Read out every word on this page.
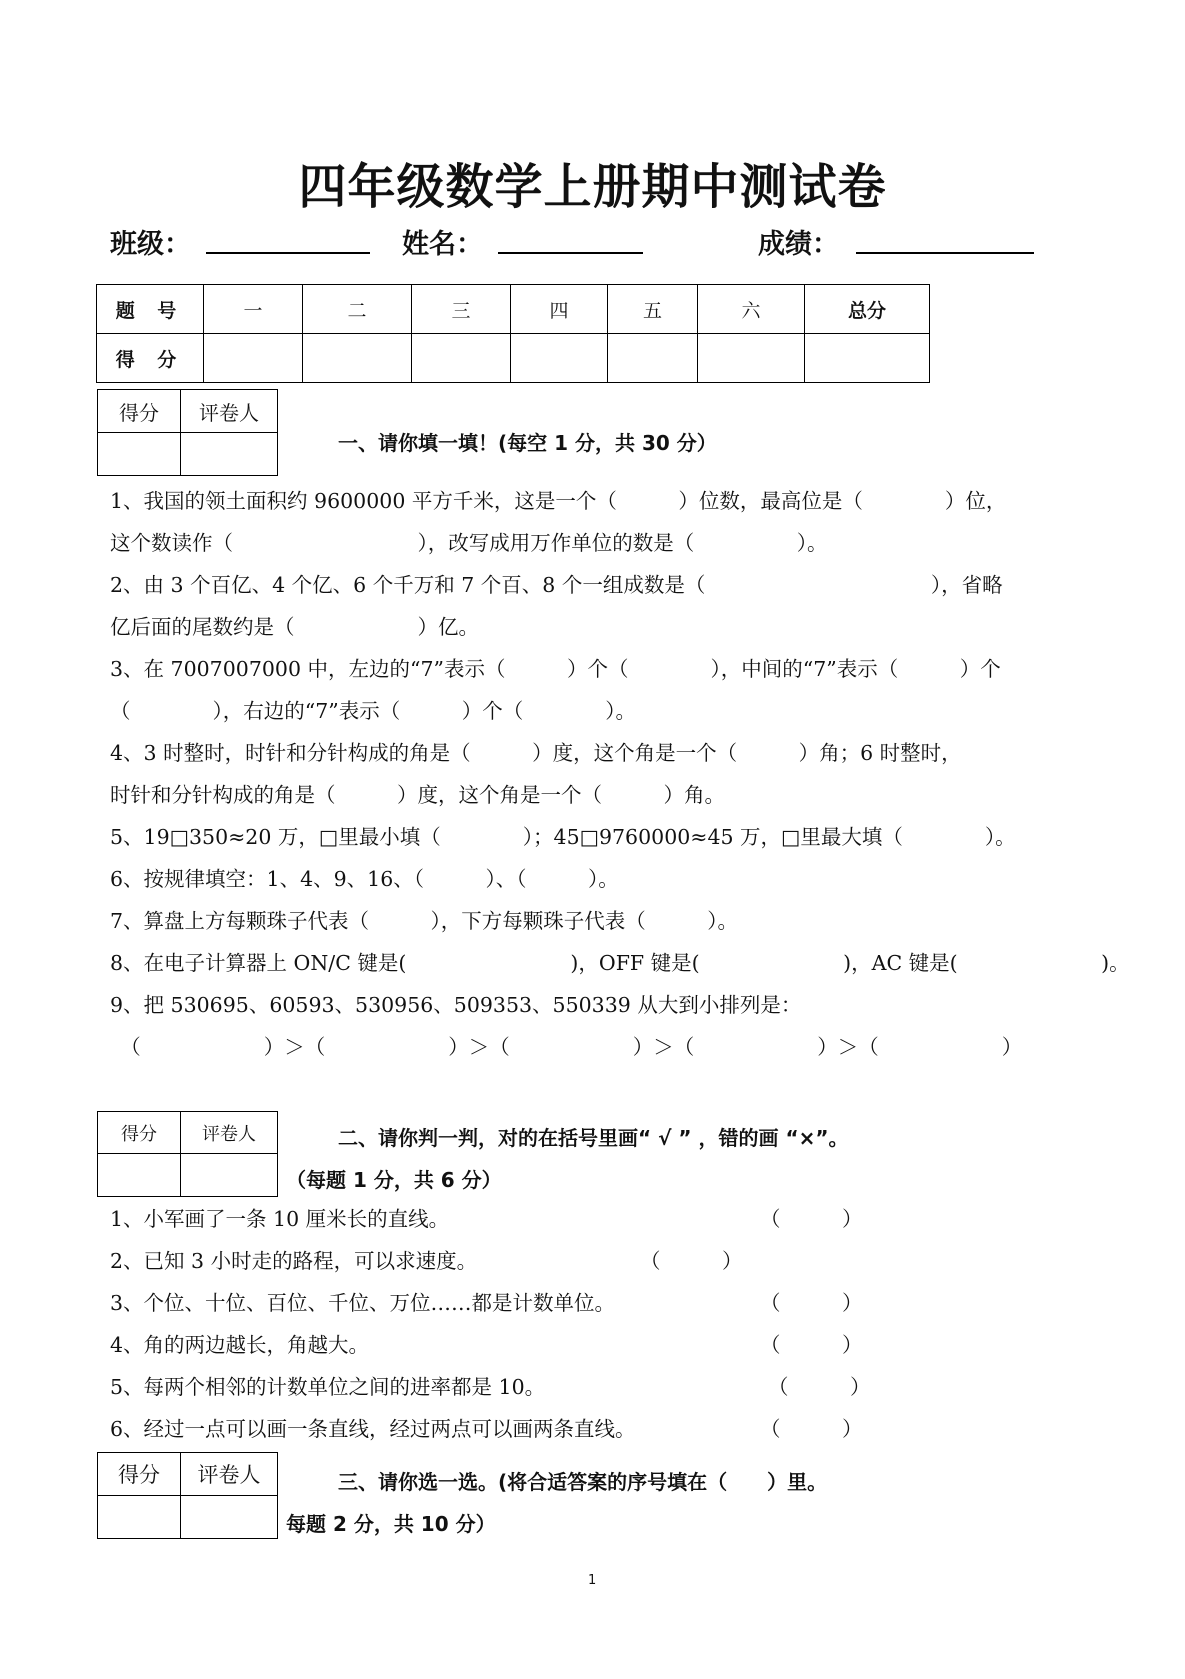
四年级数学上册期中测试卷
班级：	姓名：	成绩：
题 号	一	二	三	四	五	六	总分
得 分							
得分	评卷人

一、请你填一填！(每空 1 分，共 30 分）
1、我国的领土面积约 9600000 平方千米，这是一个（　　　）位数，最高位是（　　　　）位，
这个数读作（　　　　　　　　　），改写成用万作单位的数是（　　　　　）。
2、由 3 个百亿、4 个亿、6 个千万和 7 个百、8 个一组成数是（　　　　　　　　　　　），省略
亿后面的尾数约是（　　　　　　）亿。
3、在 7007007000 中，左边的“7”表示（　　　）个（　　　　），中间的“7”表示（　　　）个
（　　　　），右边的“7”表示（　　　）个（　　　　）。
4、3 时整时，时针和分针构成的角是（　　　）度，这个角是一个（　　　）角；6 时整时，
时针和分针构成的角是（　　　）度，这个角是一个（　　　）角。
5、19□350≈20 万，□里最小填（　　　　）；45□9760000≈45 万，□里最大填（　　　　）。
6、按规律填空：1、4、9、16、（　　　）、（　　　）。
7、算盘上方每颗珠子代表（　　　），下方每颗珠子代表（　　　）。
8、在电子计算器上 ON/C 键是(　　　　　　　　)，OFF 键是(　　　　　　　)，AC 键是(　　　　　　　)。
9、把 530695、60593、530956、509353、550339 从大到小排列是：
　（　　　　　　）＞（　　　　　　）＞（　　　　　　）＞（　　　　　　）＞（　　　　　　）
得分	评卷人
		二、请你判一判，对的在括号里画“ √ ” ，错的画 “×”。
（每题 1 分，共 6 分）
1、小军画了一条 10 厘米长的直线。	（　　　）
2、已知 3 小时走的路程，可以求速度。	（　　　）
3、个位、十位、百位、千位、万位……都是计数单位。	（　　　）
4、角的两边越长，角越大。	（　　　）
5、每两个相邻的计数单位之间的进率都是 10。	（　　　）
6、经过一点可以画一条直线，经过两点可以画两条直线。	（　　　）
得分	评卷人
		三、请你选一选。(将合适答案的序号填在（　　）里。
每题 2 分，共 10 分）
1
